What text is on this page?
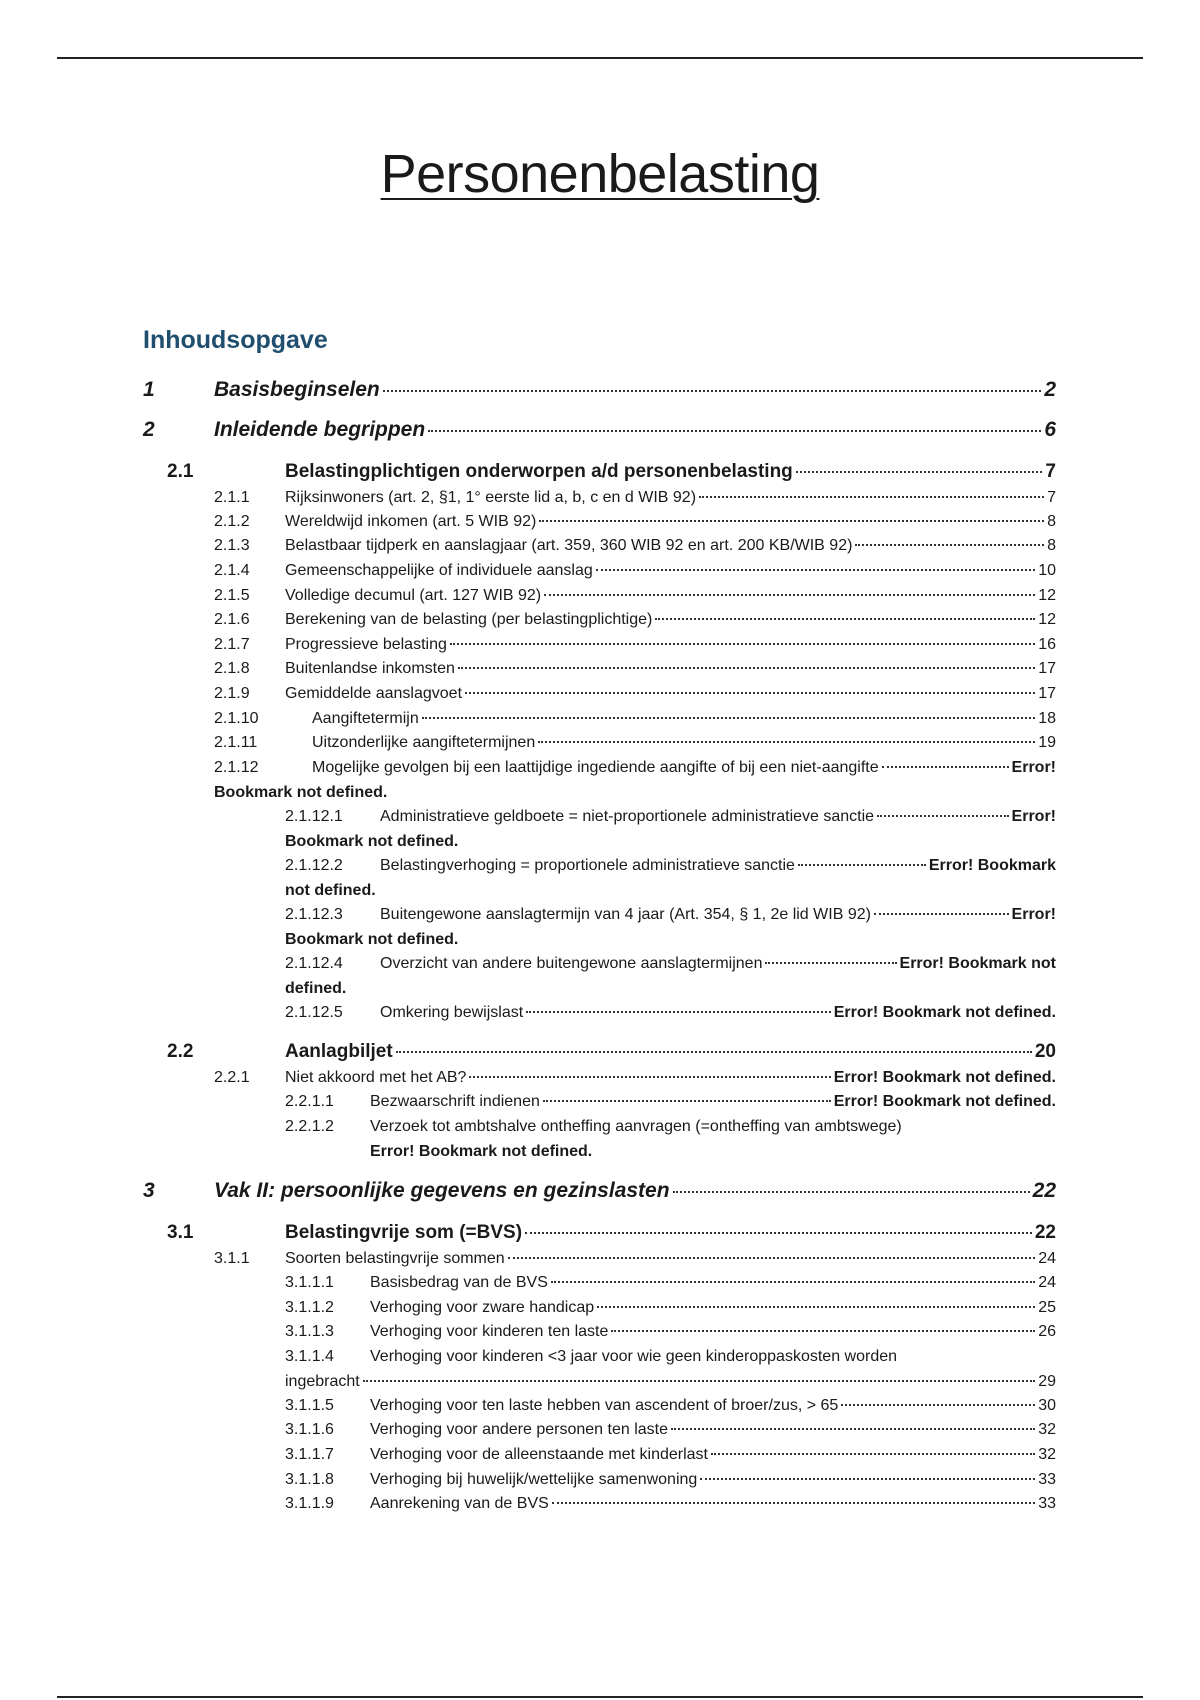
Personenbelasting
Inhoudsopgave
1	Basisbeginselen	2
2	Inleidende begrippen	6
2.1	Belastingplichtigen onderworpen a/d personenbelasting	7
2.1.1 Rijksinwoners (art. 2, §1, 1° eerste lid a, b, c en d WIB 92)	7
2.1.2 Wereldwijd inkomen (art. 5 WIB 92)	8
2.1.3 Belastbaar tijdperk en aanslagjaar (art. 359, 360 WIB 92 en art. 200 KB/WIB 92)	8
2.1.4 Gemeenschappelijke of individuele aanslag	10
2.1.5 Volledige decumul (art. 127 WIB 92)	12
2.1.6 Berekening van de belasting (per belastingplichtige)	12
2.1.7 Progressieve belasting	16
2.1.8 Buitenlandse inkomsten	17
2.1.9 Gemiddelde aanslagvoet	17
2.1.10	Aangiftetermijn	18
2.1.11	Uitzonderlijke aangiftetermijnen	19
2.1.12	Mogelijke gevolgen bij een laattijdige ingediende aangifte of bij een niet-aangifte	Error!
Bookmark not defined.
2.1.12.1 Administratieve geldboete = niet-proportionele administratieve sanctie	Error!
Bookmark not defined.
2.1.12.2 Belastingverhoging = proportionele administratieve sanctie	Error! Bookmark
not defined.
2.1.12.3 Buitengewone aanslagtermijn van 4 jaar (Art. 354, § 1, 2e lid WIB 92)	Error!
Bookmark not defined.
2.1.12.4 Overzicht van andere buitengewone aanslagtermijnen	Error! Bookmark not
defined.
2.1.12.5 Omkering bewijslast	Error! Bookmark not defined.
2.2	Aanlagbiljet	20
2.2.1 Niet akkoord met het AB?	Error! Bookmark not defined.
2.2.1.1 Bezwaarschrift indienen	Error! Bookmark not defined.
2.2.1.2 Verzoek tot ambtshalve ontheffing aanvragen (=ontheffing van ambtswege)
Error! Bookmark not defined.
3	Vak II: persoonlijke gegevens en gezinslasten	22
3.1	Belastingvrije som (=BVS)	22
3.1.1 Soorten belastingvrije sommen	24
3.1.1.1 Basisbedrag van de BVS	24
3.1.1.2 Verhoging voor zware handicap	25
3.1.1.3 Verhoging voor kinderen ten laste	26
3.1.1.4 Verhoging voor kinderen <3 jaar voor wie geen kinderoppaskosten worden
ingebracht	29
3.1.1.5 Verhoging voor ten laste hebben van ascendent of broer/zus, > 65	30
3.1.1.6 Verhoging voor andere personen ten laste	32
3.1.1.7 Verhoging voor de alleenstaande met kinderlast	32
3.1.1.8 Verhoging bij huwelijk/wettelijke samenwoning	33
3.1.1.9 Aanrekening van de BVS	33
